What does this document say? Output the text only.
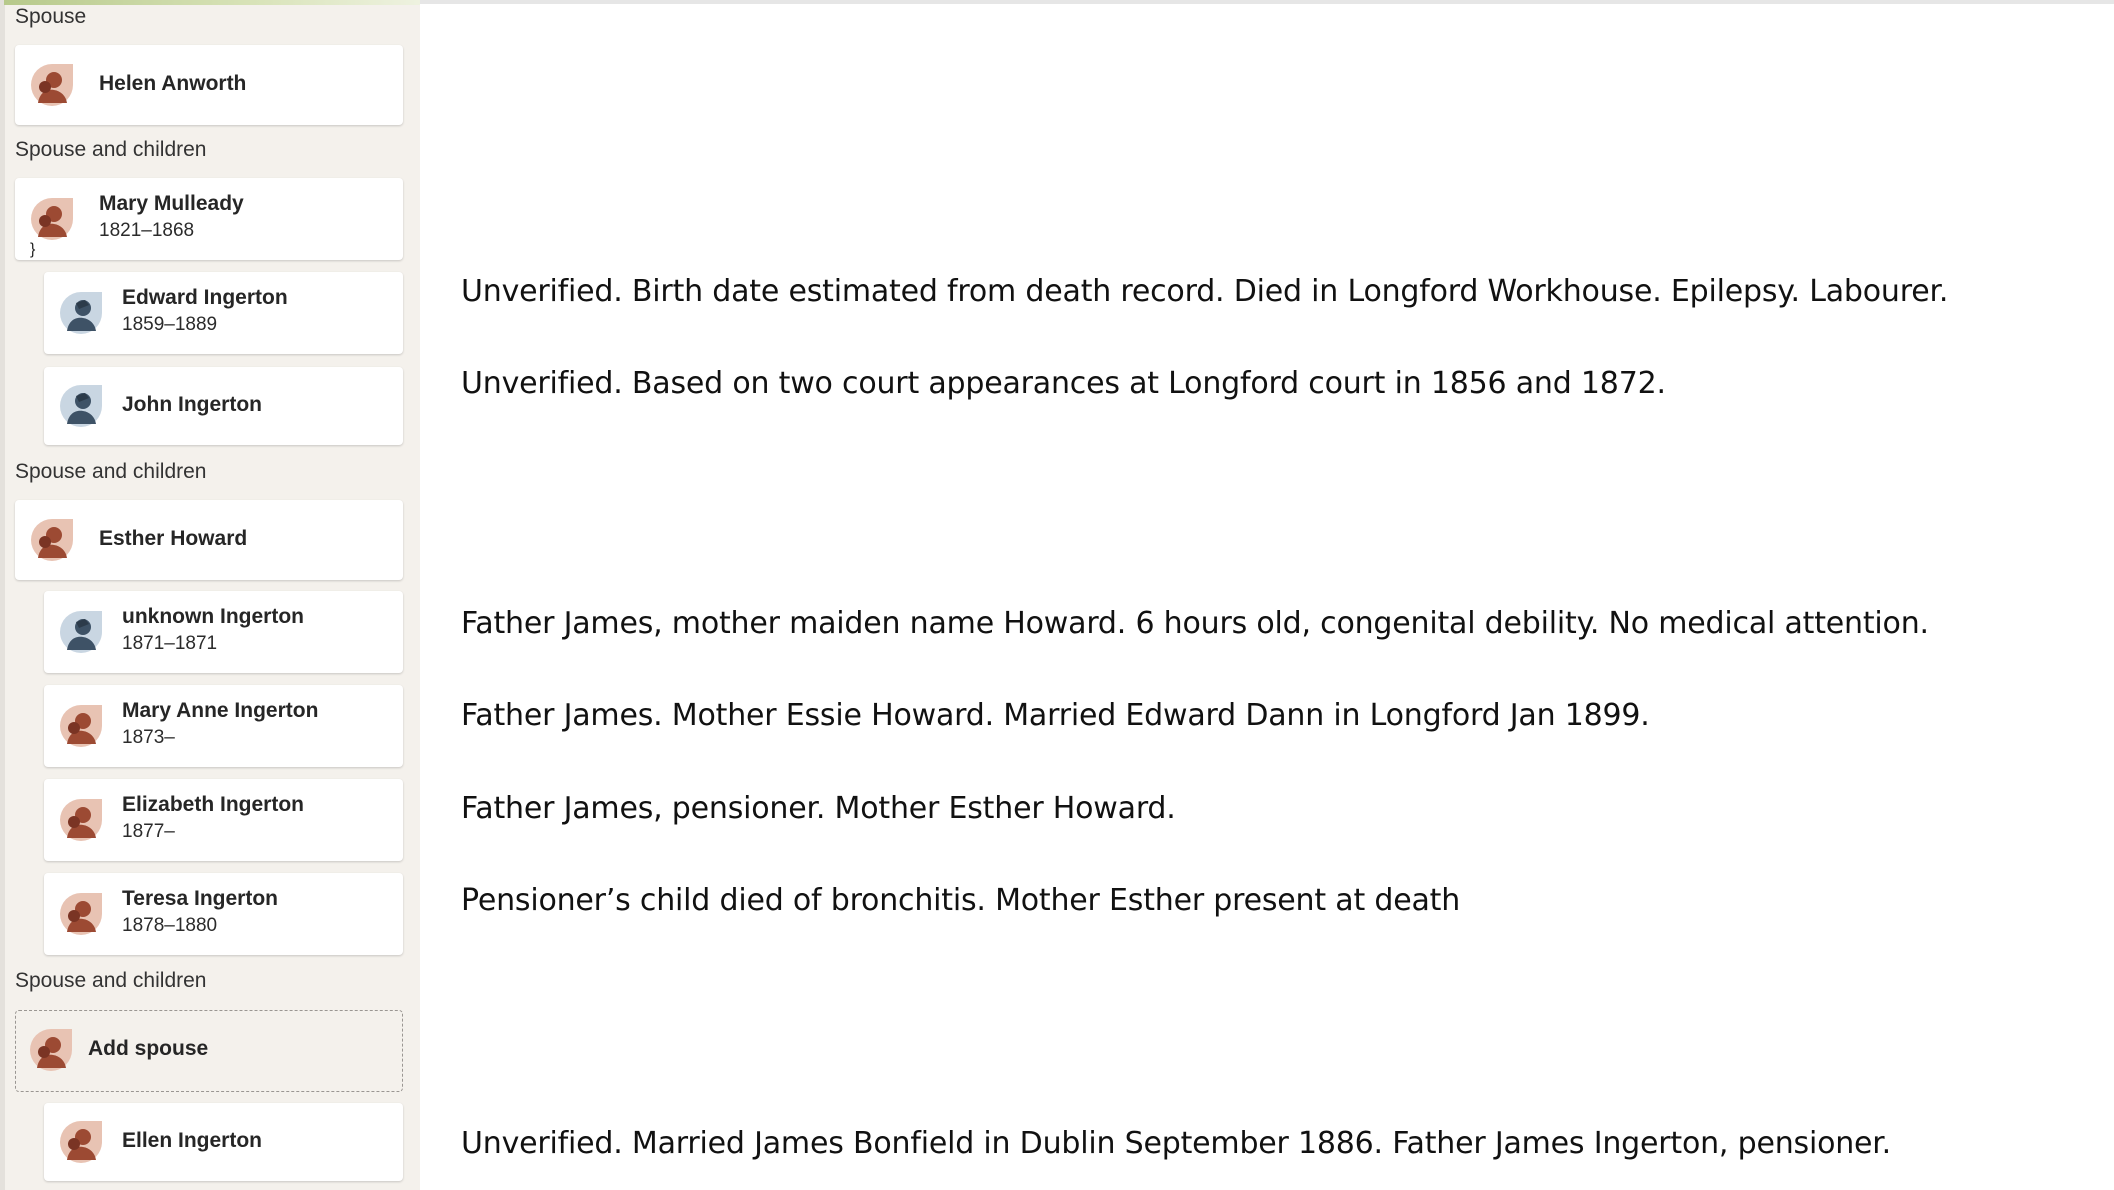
Spouse
Helen Anworth
Spouse and children
}
Mary Mulleady
1821–1868
Edward Ingerton
1859–1889
John Ingerton
Spouse and children
Esther Howard
unknown Ingerton
1871–1871
Mary Anne Ingerton
1873–
Elizabeth Ingerton
1877–
Teresa Ingerton
1878–1880
Spouse and children
Add spouse
Ellen Ingerton
Unverified. Birth date estimated from death record. Died in Longford Workhouse. Epilepsy. Labourer.
Unverified. Based on two court appearances at Longford court in 1856 and 1872.
Father James, mother maiden name Howard. 6 hours old, congenital debility. No medical attention.
Father James. Mother Essie Howard. Married Edward Dann in Longford Jan 1899.
Father James, pensioner. Mother Esther Howard.
Pensioner’s child died of bronchitis. Mother Esther present at death
Unverified. Married James Bonfield in Dublin September 1886. Father James Ingerton, pensioner.
